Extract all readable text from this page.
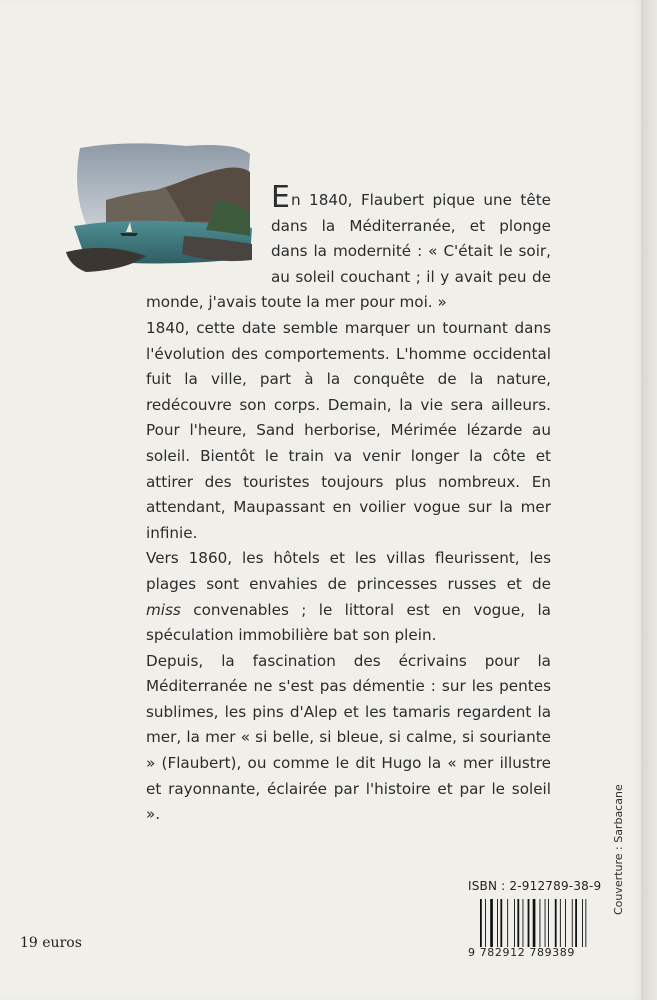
En 1840, Flaubert pique une tête dans la Méditerranée, et plonge dans la modernité : « C'était le soir, au soleil couchant ; il y avait peu de monde, j'avais toute la mer pour moi. »

1840, cette date semble marquer un tournant dans l'évolution des comportements. L'homme occidental fuit la ville, part à la conquête de la nature, redécouvre son corps. Demain, la vie sera ailleurs. Pour l'heure, Sand herborise, Mérimée lézarde au soleil. Bientôt le train va venir longer la côte et attirer des touristes toujours plus nombreux. En attendant, Maupassant en voilier vogue sur la mer infinie.

Vers 1860, les hôtels et les villas fleurissent, les plages sont envahies de princesses russes et de miss convenables ; le littoral est en vogue, la spéculation immobilière bat son plein.

Depuis, la fascination des écrivains pour la Méditerranée ne s'est pas démentie : sur les pentes sublimes, les pins d'Alep et les tamaris regardent la mer, la mer « si belle, si bleue, si calme, si souriante » (Flaubert), ou comme le dit Hugo la « mer illustre et rayonnante, éclairée par l'histoire et par le soleil ».	Couverture : Sarbacane
ISBN : 2-912789-38-9
9 782912 789389
19 euros
